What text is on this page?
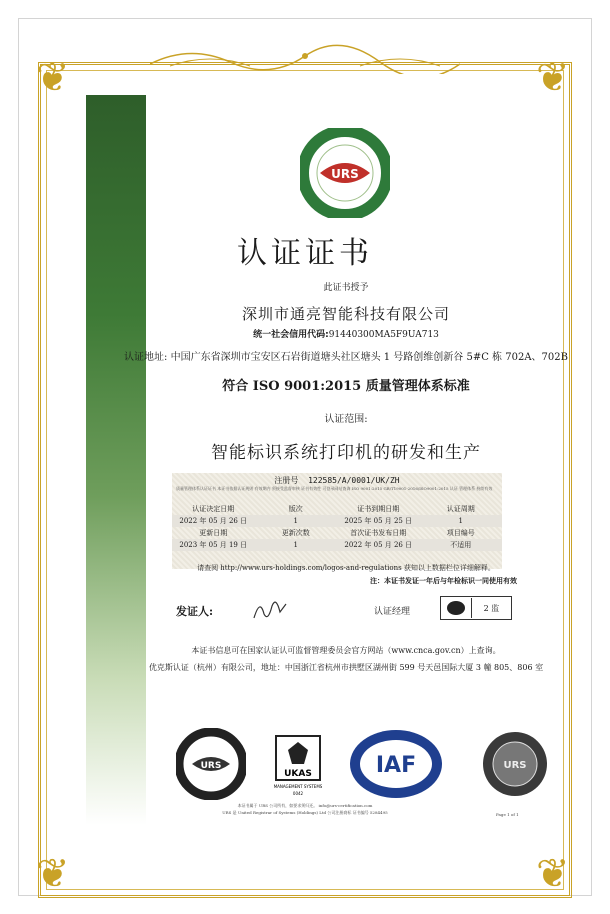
❦	❦
❦	❦
URS
认证证书
此证书授予
深圳市通亮智能科技有限公司
统一社会信用代码:91440300MA5F9UA713
认证地址: 中国广东省深圳市宝安区石岩街道塘头社区塘头 1 号路创维创新谷 5#C 栋 702A、702B
符合 ISO 9001:2015 质量管理体系标准
认证范围:
智能标识系统打印机的研发和生产
注册号 122585/A/0001/UK/ZH
质量管理体系认证证书 本证书依据认证规则 有效期内 须接受监督审核 证书有效性 可登录网站查询 ISO 9001:2015 GB/T19001-2016/ISO9001:2015 认证 管理体系 持续有效
认证决定日期	版次	证书到期日期	认证周期
2022 年 05 月 26 日	1	2025 年 05 月 25 日	1
更新日期	更新次数	首次证书发布日期	项目编号
2023 年 05 月 19 日	1	2022 年 05 月 26 日	不适用
请查阅 http://www.urs-holdings.com/logos-and-regulations 获知以上数据栏位详细解释。
注：本证书发证一年后与年检标识一同使用有效
发证人:	认证经理	2 监
本证书信息可在国家认证认可监督管理委员会官方网站（www.cnca.gov.cn）上查询。
优克斯认证（杭州）有限公司，地址：中国浙江省杭州市拱墅区湖州街 599 号天邑国际大厦 3 幢 805、806 室
URS
ISO 9001
UKAS
MANAGEMENT SYSTEMS
0042
IAF	URS
本证书属于 URS 公司所有，如要求须归还。 info@urs-certification.com
URS 是 United Registrar of Systems (Holdings) Ltd 公司注册商标 证书编号 5284495	Page 1 of 1
